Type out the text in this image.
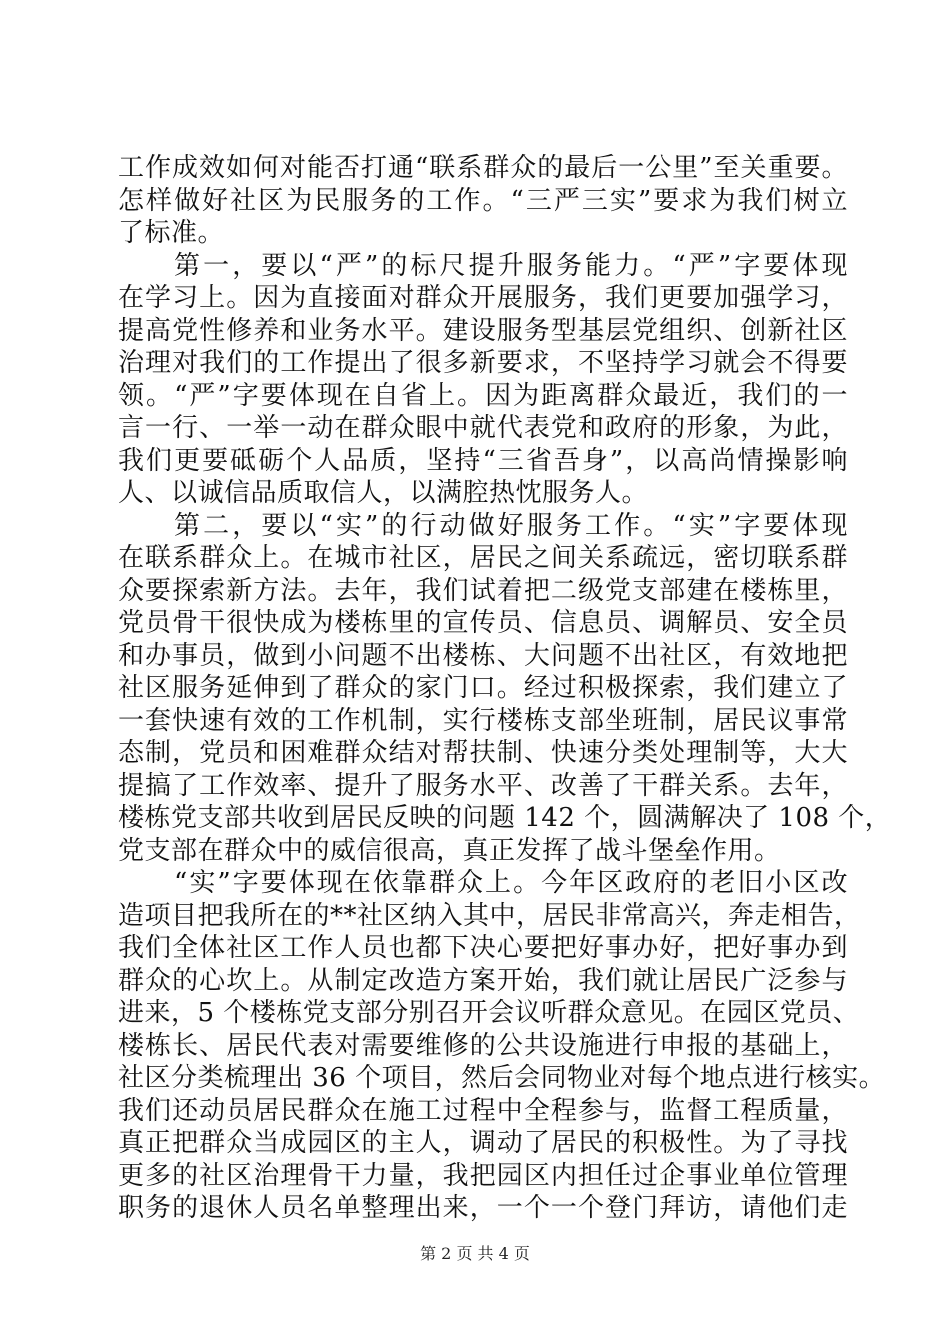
工作成效如何对能否打通“联系群众的最后一公里”至关重要。
怎样做好社区为民服务的工作。“三严三实”要求为我们树立
了标准。
第一，要以“严”的标尺提升服务能力。“严”字要体现
在学习上。因为直接面对群众开展服务，我们更要加强学习，
提高党性修养和业务水平。建设服务型基层党组织、创新社区
治理对我们的工作提出了很多新要求，不坚持学习就会不得要
领。“严”字要体现在自省上。因为距离群众最近，我们的一
言一行、一举一动在群众眼中就代表党和政府的形象，为此，
我们更要砥砺个人品质，坚持“三省吾身”，以高尚情操影响
人、以诚信品质取信人，以满腔热忱服务人。
第二，要以“实”的行动做好服务工作。“实”字要体现
在联系群众上。在城市社区，居民之间关系疏远，密切联系群
众要探索新方法。去年，我们试着把二级党支部建在楼栋里，
党员骨干很快成为楼栋里的宣传员、信息员、调解员、安全员
和办事员，做到小问题不出楼栋、大问题不出社区，有效地把
社区服务延伸到了群众的家门口。经过积极探索，我们建立了
一套快速有效的工作机制，实行楼栋支部坐班制，居民议事常
态制，党员和困难群众结对帮扶制、快速分类处理制等，大大
提搞了工作效率、提升了服务水平、改善了干群关系。去年，
楼栋党支部共收到居民反映的问题 142 个，圆满解决了 108 个，
党支部在群众中的威信很高，真正发挥了战斗堡垒作用。
“实”字要体现在依靠群众上。今年区政府的老旧小区改
造项目把我所在的**社区纳入其中，居民非常高兴，奔走相告，
我们全体社区工作人员也都下决心要把好事办好，把好事办到
群众的心坎上。从制定改造方案开始，我们就让居民广泛参与
进来，5 个楼栋党支部分别召开会议听群众意见。在园区党员、
楼栋长、居民代表对需要维修的公共设施进行申报的基础上，
社区分类梳理出 36 个项目，然后会同物业对每个地点进行核实。
我们还动员居民群众在施工过程中全程参与，监督工程质量，
真正把群众当成园区的主人，调动了居民的积极性。为了寻找
更多的社区治理骨干力量，我把园区内担任过企事业单位管理
职务的退休人员名单整理出来，一个一个登门拜访，请他们走
第 2 页 共 4 页
